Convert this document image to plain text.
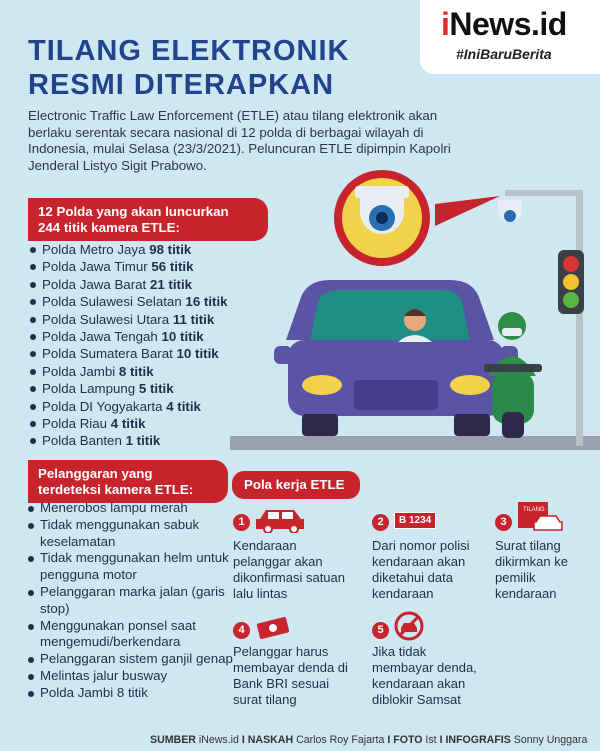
iNews.id
#IniBaruBerita
TILANG ELEKTRONIK
RESMI DITERAPKAN
Electronic Traffic Law Enforcement (ETLE) atau tilang elektronik akan berlaku serentak secara nasional di 12 polda di berbagai wilayah di Indonesia, mulai Selasa (23/3/2021). Peluncuran ETLE dipimpin Kapolri Jenderal Listyo Sigit Prabowo.
12 Polda yang akan luncurkan
244 titik kamera ETLE:
Polda Metro Jaya 98 titik
Polda Jawa Timur 56 titik
Polda Jawa Barat 21 titik
Polda Sulawesi Selatan 16 titik
Polda Sulawesi Utara 11 titik
Polda Jawa Tengah 10 titik
Polda Sumatera Barat 10 titik
Polda Jambi 8 titik
Polda Lampung 5 titik
Polda DI Yogyakarta 4 titik
Polda Riau 4 titik
Polda Banten 1 titik
Pelanggaran yang
terdeteksi kamera ETLE:
Menerobos lampu merah
Tidak menggunakan sabuk keselamatan
Tidak menggunakan helm untuk pengguna motor
Pelanggaran marka jalan (garis stop)
Menggunakan ponsel saat mengemudi/berkendara
Pelanggaran sistem ganjil genap
Melintas jalur busway
Polda Jambi 8 titik
Pola kerja ETLE
1
Kendaraan pelanggar akan dikonfirmasi satuan lalu lintas
2	B 1234
Dari nomor polisi kendaraan akan diketahui data kendaraan
3
TILANG
Surat tilang dikirmkan ke pemilik kendaraan
4
Pelanggar harus membayar denda di Bank BRI sesuai surat tilang
5
Jika tidak membayar denda, kendaraan akan diblokir Samsat
SUMBER iNews.id I NASKAH Carlos Roy Fajarta I FOTO Ist I INFOGRAFIS Sonny Unggara
